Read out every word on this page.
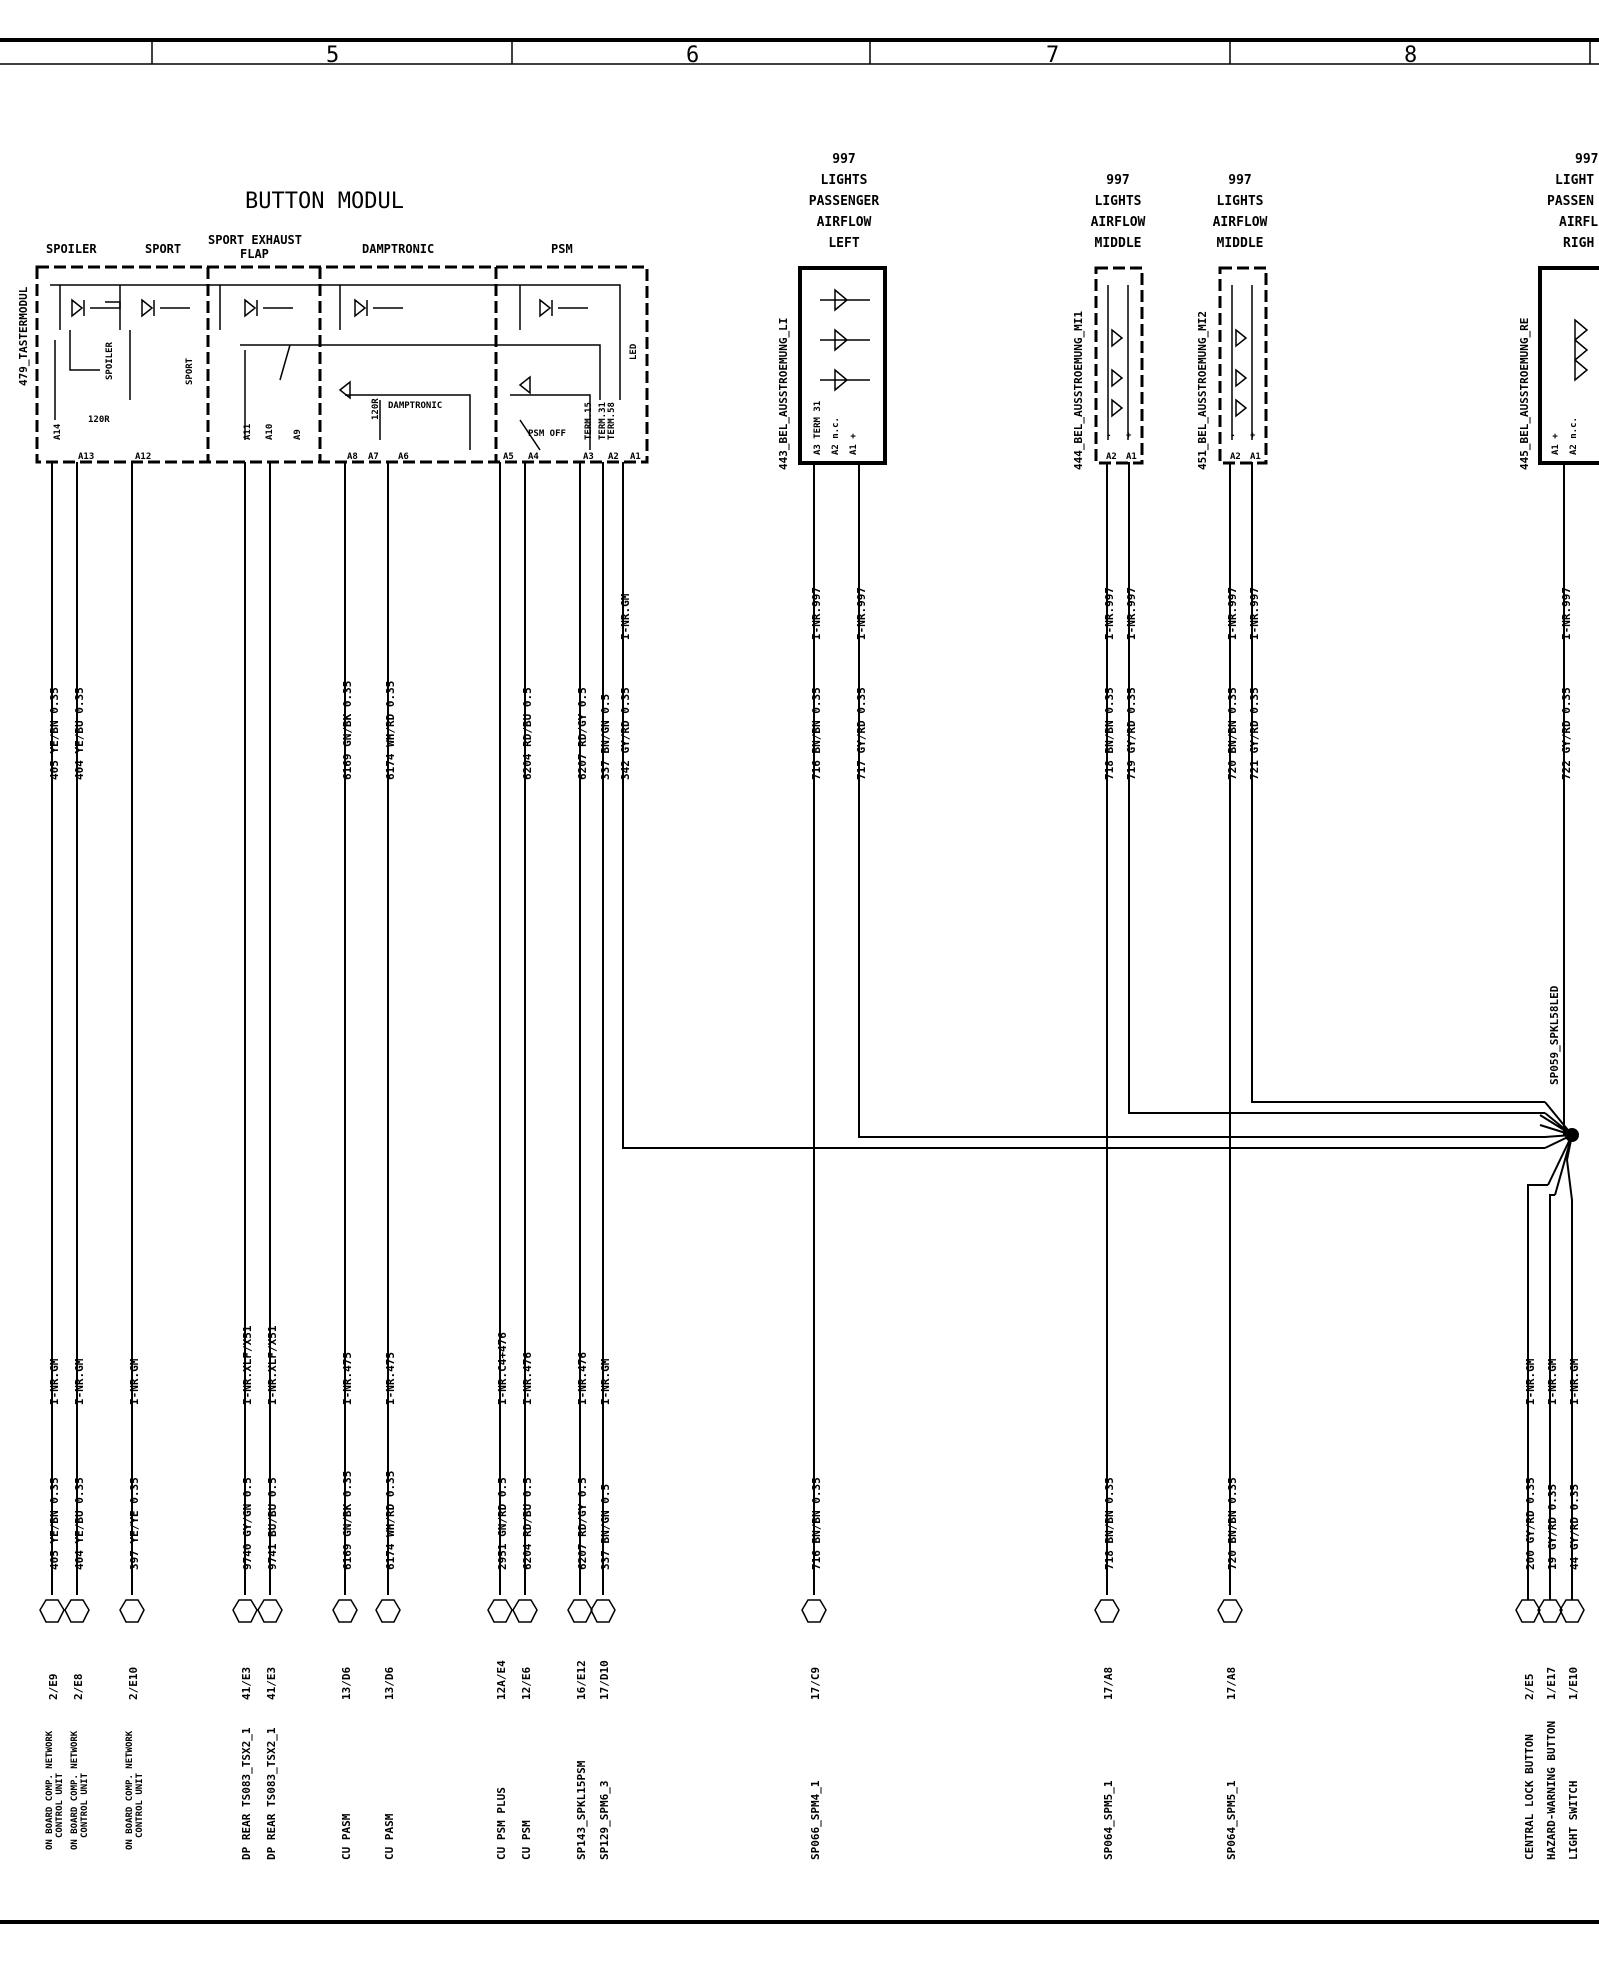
5	6	7	8
BUTTON MODUL
SPOILER	SPORT
SPORT EXHAUST
FLAP	DAMPTRONIC	PSM
479_TASTERMODUL	SPOILER	SPORT
120R	120R DAMPTRONIC
PSM OFF TERM.15 TERM.31 TERM.58
LED
A14
A13	A12
A11 A10 A9
A8 A7 A6	A5 A4	A3 A2 A1
997
LIGHTS
PASSENGER
AIRFLOW
LEFT
443_BEL_AUSSTROEMUNG_LI	A3 TERM 31 A2 n.c. A1 +
997
LIGHTS
AIRFLOW
MIDDLE
444_BEL_AUSSTROEMUNG_MI1 - +
A2 A1
997
LIGHTS
AIRFLOW
MIDDLE
451_BEL_AUSSTROEMUNG_MI2 - +
A2 A1
997
LIGHT
PASSEN
AIRFL
RIGH
445_BEL_AUSSTROEMUNG_RE A1 + A2 n.c.
SP059_SPKL58LED
405 YE/BN 0.35 404 YE/BU 0.35	6169 GN/BK 0.35	6174 WH/RD 0.35	6204 RD/BU 0.5	6207 RD/GY 0.5 337 BN/GN 0.5 342 GY/RD 0.35
I-NR.GM
716 BN/BN 0.35
I-NR.997
717 GY/RD 0.35
I-NR.997
718 BN/BN 0.35
I-NR.997
719 GY/RD 0.35
I-NR.997
720 BN/BN 0.35
I-NR.997
721 GY/RD 0.35
I-NR.997
722 GY/RD 0.35
I-NR.997
405 YE/BN 0.35
I-NR.GM
2/E9
ON BOARD COMP. NETWORK CONTROL UNIT
404 YE/BU 0.35
I-NR.GM
2/E8
ON BOARD COMP. NETWORK CONTROL UNIT
397 YE/YE 0.35
I-NR.GM
2/E10
ON BOARD COMP. NETWORK CONTROL UNIT
9740 GY/GN 0.5
I-NR.XLF/X51
41/E3
DP REAR TS083_TSX2_1
9741 BU/BU 0.5
I-NR.XLF/X51
41/E3
DP REAR TS083_TSX2_1
6169 GN/BK 0.35
I-NR.475
13/D6
CU PASM
6174 WH/RD 0.35
I-NR.475
13/D6
CU PASM
2951 GN/RD 0.5
I-NR.C4+476
12A/E4
CU PSM PLUS
6204 RD/BU 0.5
I-NR.476
12/E6
CU PSM
6207 RD/GY 0.5
I-NR.476
16/E12
SP143_SPKL15PSM
337 BN/GN 0.5
I-NR.GM
17/D10
SP129_SPM6_3
716 BN/BN 0.35
17/C9
SP066_SPM4_1
718 BN/BN 0.35
17/A8
SP064_SPM5_1
720 BN/BN 0.35
17/A8
SP064_SPM5_1
200 GY/RD 0.35
I-NR.GM
2/E5
CENTRAL LOCK BUTTON
19 GY/RD 0.35
I-NR.GM
1/E17
HAZARD-WARNING BUTTON
44 GY/RD 0.35
I-NR.GM
1/E10
LIGHT SWITCH
